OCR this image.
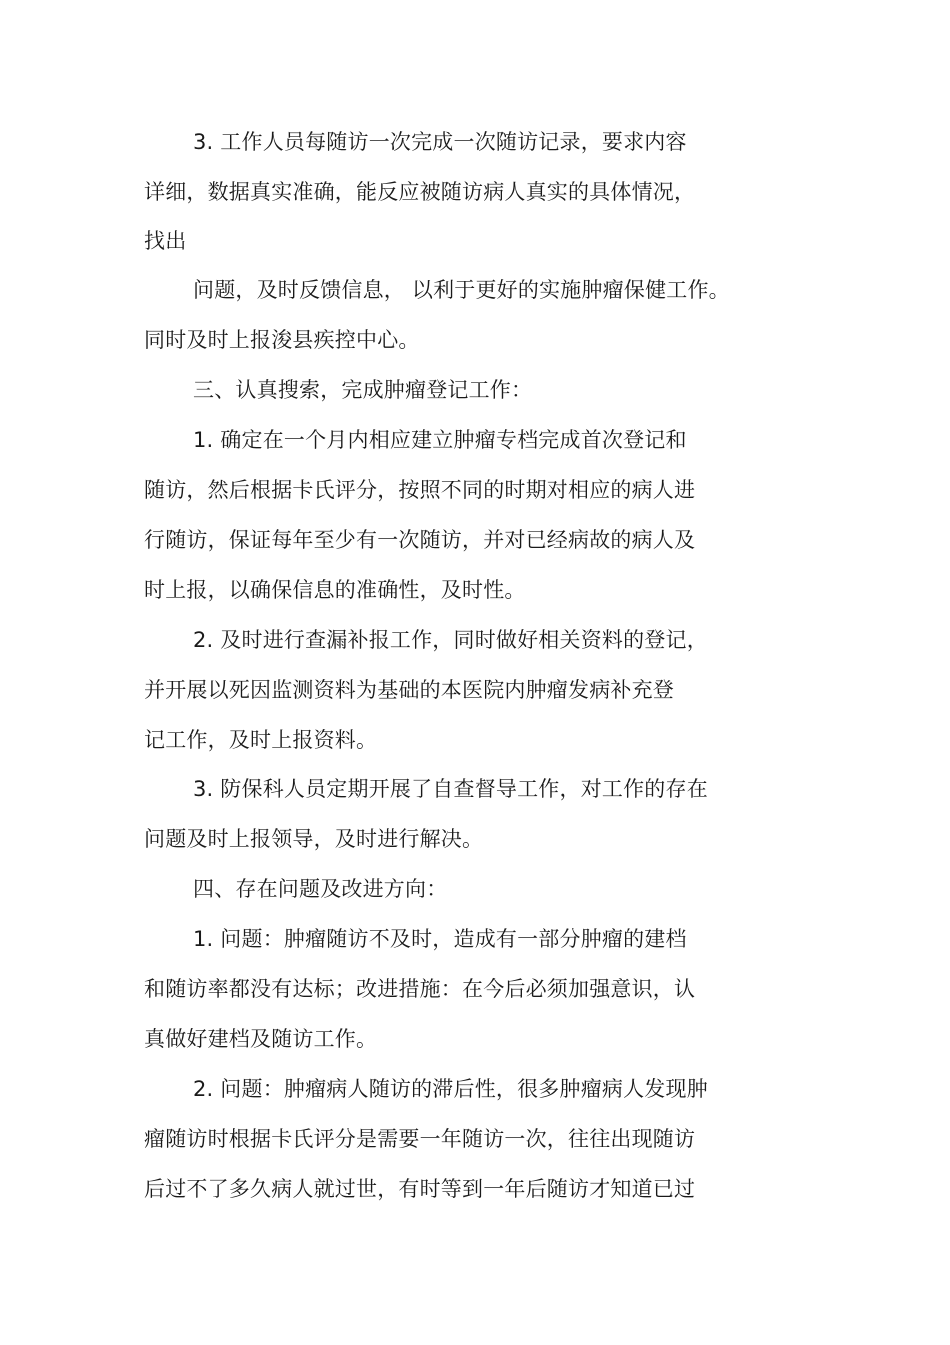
3. 工作人员每随访一次完成一次随访记录，要求内容
详细，数据真实准确，能反应被随访病人真实的具体情况，
找出
问题，及时反馈信息， 以利于更好的实施肿瘤保健工作。
同时及时上报浚县疾控中心。
三、认真搜索，完成肿瘤登记工作：
1. 确定在一个月内相应建立肿瘤专档完成首次登记和
随访，然后根据卡氏评分，按照不同的时期对相应的病人进
行随访，保证每年至少有一次随访，并对已经病故的病人及
时上报，以确保信息的准确性，及时性。
2. 及时进行查漏补报工作，同时做好相关资料的登记，
并开展以死因监测资料为基础的本医院内肿瘤发病补充登
记工作，及时上报资料。
3. 防保科人员定期开展了自查督导工作，对工作的存在
问题及时上报领导，及时进行解决。
四、存在问题及改进方向：
1. 问题：肿瘤随访不及时，造成有一部分肿瘤的建档
和随访率都没有达标；改进措施：在今后必须加强意识，认
真做好建档及随访工作。
2. 问题：肿瘤病人随访的滞后性，很多肿瘤病人发现肿
瘤随访时根据卡氏评分是需要一年随访一次，往往出现随访
后过不了多久病人就过世，有时等到一年后随访才知道已过
